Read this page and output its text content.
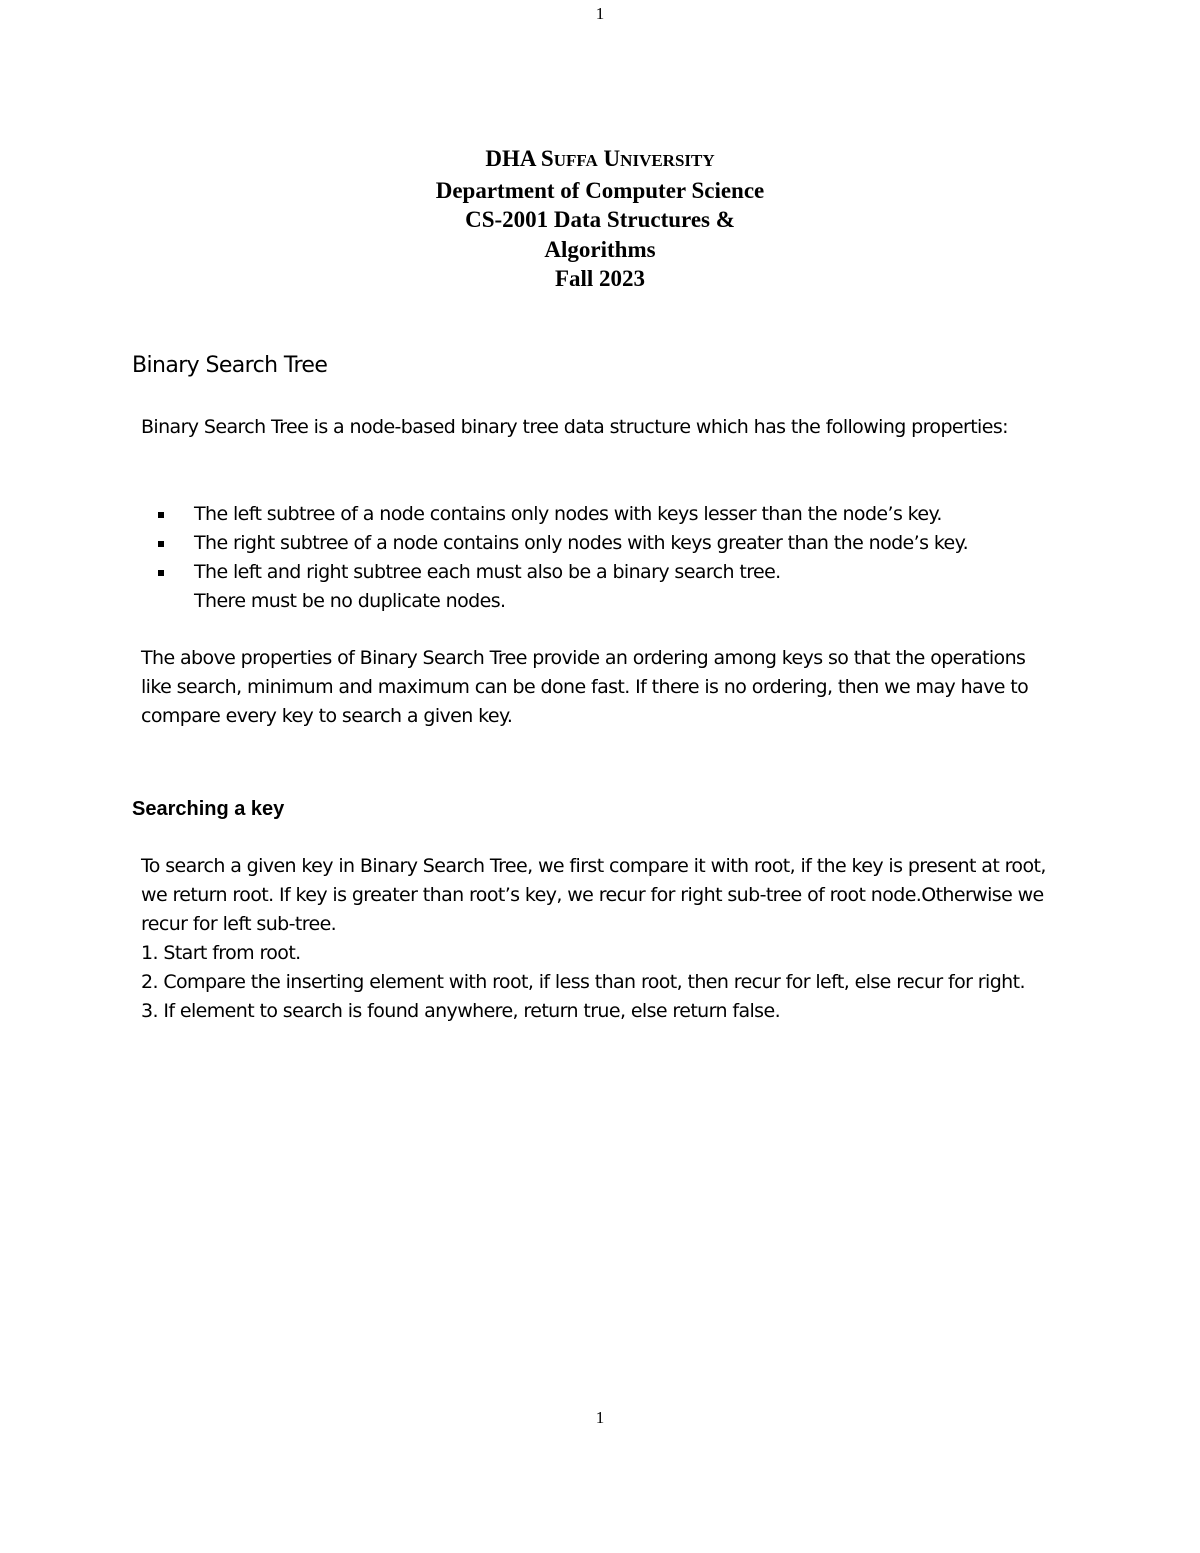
1
DHA SUFFA UNIVERSITY
Department of Computer Science
CS-2001 Data Structures &
Algorithms
Fall 2023
Binary Search Tree

Binary Search Tree is a node-based binary tree data structure which has the following properties:

The left subtree of a node contains only nodes with keys lesser than the node’s key.
The right subtree of a node contains only nodes with keys greater than the node’s key.
The left and right subtree each must also be a binary search tree.
There must be no duplicate nodes.

The above properties of Binary Search Tree provide an ordering among keys so that the operations like search, minimum and maximum can be done fast. If there is no ordering, then we may have to compare every key to search a given key.

Searching a key
To search a given key in Binary Search Tree, we first compare it with root, if the key is present at root, we return root. If key is greater than root’s key, we recur for right sub-tree of root node.Otherwise we recur for left sub-tree.
1. Start from root.
2. Compare the inserting element with root, if less than root, then recur for left, else recur for right.
3. If element to search is found anywhere, return true, else return false.
1
